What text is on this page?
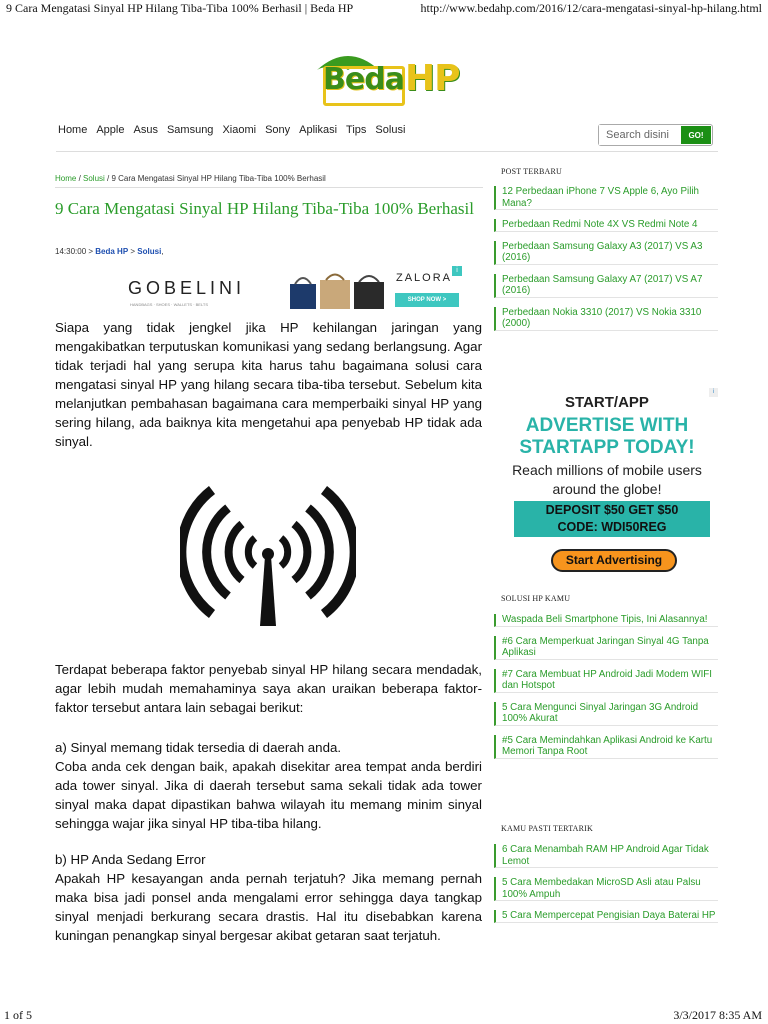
9 Cara Mengatasi Sinyal HP Hilang Tiba-Tiba 100% Berhasil | Beda HP	http://www.bedahp.com/2016/12/cara-mengatasi-sinyal-hp-hilang.html
Beda HP
Home Apple Asus Samsung Xiaomi Sony Aplikasi Tips Solusi
Search disini	GO!
Home / Solusi / 9 Cara Mengatasi Sinyal HP Hilang Tiba-Tiba 100% Berhasil
9 Cara Mengatasi Sinyal HP Hilang Tiba-Tiba 100% Berhasil
14:30:00 > Beda HP > Solusi,
GOBELINI
HANDBAGS · SHOES · WALLETS · BELTS
ZALORA
SHOP NOW >
i

Siapa yang tidak jengkel jika HP kehilangan jaringan yang mengakibatkan terputuskan komunikasi yang sedang berlangsung. Agar tidak terjadi hal yang serupa kita harus tahu bagaimana solusi cara mengatasi sinyal HP yang hilang secara tiba-tiba tersebut. Sebelum kita melanjutkan pembahasan bagaimana cara memperbaiki sinyal HP yang sering hilang, ada baiknya kita mengetahui apa penyebab HP tidak ada sinyal.

Terdapat beberapa faktor penyebab sinyal HP hilang secara mendadak, agar lebih mudah memahaminya saya akan uraikan beberapa faktor-faktor tersebut antara lain sebagai berikut:

a) Sinyal memang tidak tersedia di daerah anda.

Coba anda cek dengan baik, apakah disekitar area tempat anda berdiri ada tower sinyal. Jika di daerah tersebut sama sekali tidak ada tower sinyal maka dapat dipastikan bahwa wilayah itu memang minim sinyal sehingga wajar jika sinyal HP tiba-tiba hilang.

b) HP Anda Sedang Error

Apakah HP kesayangan anda pernah terjatuh? Jika memang pernah maka bisa jadi ponsel anda mengalami error sehingga daya tangkap sinyal menjadi berkurang secara drastis. Hal itu disebabkan karena kuningan penangkap sinyal bergesar akibat getaran saat terjatuh.

POST TERBARU
12 Perbedaan iPhone 7 VS Apple 6, Ayo Pilih Mana?
Perbedaan Redmi Note 4X VS Redmi Note 4
Perbedaan Samsung Galaxy A3 (2017) VS A3 (2016)
Perbedaan Samsung Galaxy A7 (2017) VS A7 (2016)
Perbedaan Nokia 3310 (2017) VS Nokia 3310 (2000)
i
START/APP
ADVERTISE WITH STARTAPP TODAY!
Reach millions of mobile users around the globe!
DEPOSIT $50 GET $50
CODE: WDI50REG
Start Advertising
SOLUSI HP KAMU
Waspada Beli Smartphone Tipis, Ini Alasannya!
#6 Cara Memperkuat Jaringan Sinyal 4G Tanpa Aplikasi
#7 Cara Membuat HP Android Jadi Modem WIFI dan Hotspot
5 Cara Mengunci Sinyal Jaringan 3G Android 100% Akurat
#5 Cara Memindahkan Aplikasi Android ke Kartu Memori Tanpa Root
KAMU PASTI TERTARIK
6 Cara Menambah RAM HP Android Agar Tidak Lemot
5 Cara Membedakan MicroSD Asli atau Palsu 100% Ampuh
5 Cara Mempercepat Pengisian Daya Baterai HP
1 of 5	3/3/2017 8:35 AM
